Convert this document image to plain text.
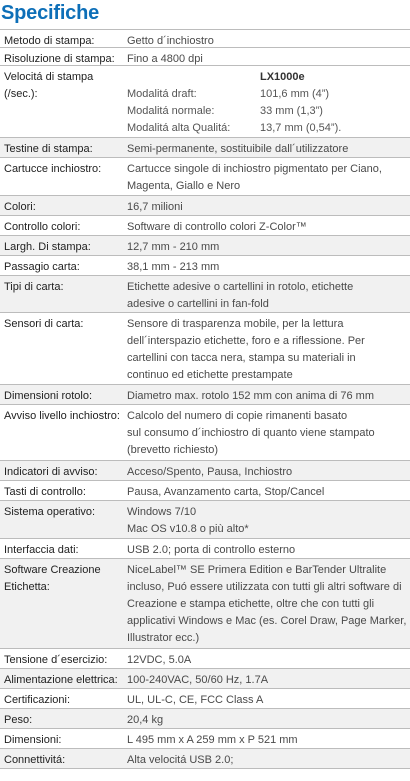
Specifiche
Metodo di stampa:	Getto d´inchiostro
Risoluzione di stampa:	Fino a 4800 dpi
Velocitá di stampa (/sec.):
LX1000e
Modalitá draft:	101,6 mm (4”)
Modalitá normale:	33 mm (1,3”)
Modalitá alta Qualitá:	13,7 mm (0,54”).
Testine di stampa:	Semi-permanente, sostituibile dall´utilizzatore
Cartucce inchiostro:	Cartucce singole di inchiostro pigmentato per Ciano,
Magenta, Giallo e Nero
Colori:	16,7 milioni
Controllo colori:	Software di controllo colori Z-Color™
Largh. Di stampa:	12,7 mm - 210 mm
Passagio carta:	38,1 mm - 213 mm
Tipi di carta:	Etichette adesive o cartellini in rotolo, etichette
adesive o cartellini in fan-fold
Sensori di carta:	Sensore di trasparenza mobile, per la lettura
dell´interspazio etichette, foro e a riflessione. Per
cartellini con tacca nera, stampa su materiali in
continuo ed etichette prestampate
Dimensioni rotolo:	Diametro max. rotolo 152 mm con anima di 76 mm
Avviso livello inchiostro: Calcolo del numero di copie rimanenti basato
sul consumo d´inchiostro di quanto viene stampato
(brevetto richiesto)
Indicatori di avviso:	Acceso/Spento, Pausa, Inchiostro
Tasti di controllo:	Pausa, Avanzamento carta, Stop/Cancel
Sistema operativo:	Windows 7/10
Mac OS v10.8 o più alto*
Interfaccia dati:	USB 2.0; porta di controllo esterno
Software Creazione Etichetta:
NiceLabel™ SE Primera Edition e BarTender Ultralite
incluso, Puó essere utilizzata con tutti gli altri software di
Creazione e stampa etichette, oltre che con tutti gli
applicativi Windows e Mac (es. Corel Draw, Page Marker,
Illustrator ecc.)
Tensione d´esercizio:	12VDC, 5.0A
Alimentazione elettrica: 100-240VAC, 50/60 Hz, 1.7A
Certificazioni:	UL, UL-C, CE, FCC Class A
Peso:	20,4 kg
Dimensioni:	L 495 mm x A 259 mm x P 521 mm
Connettivitá:	Alta velocitá USB 2.0;
